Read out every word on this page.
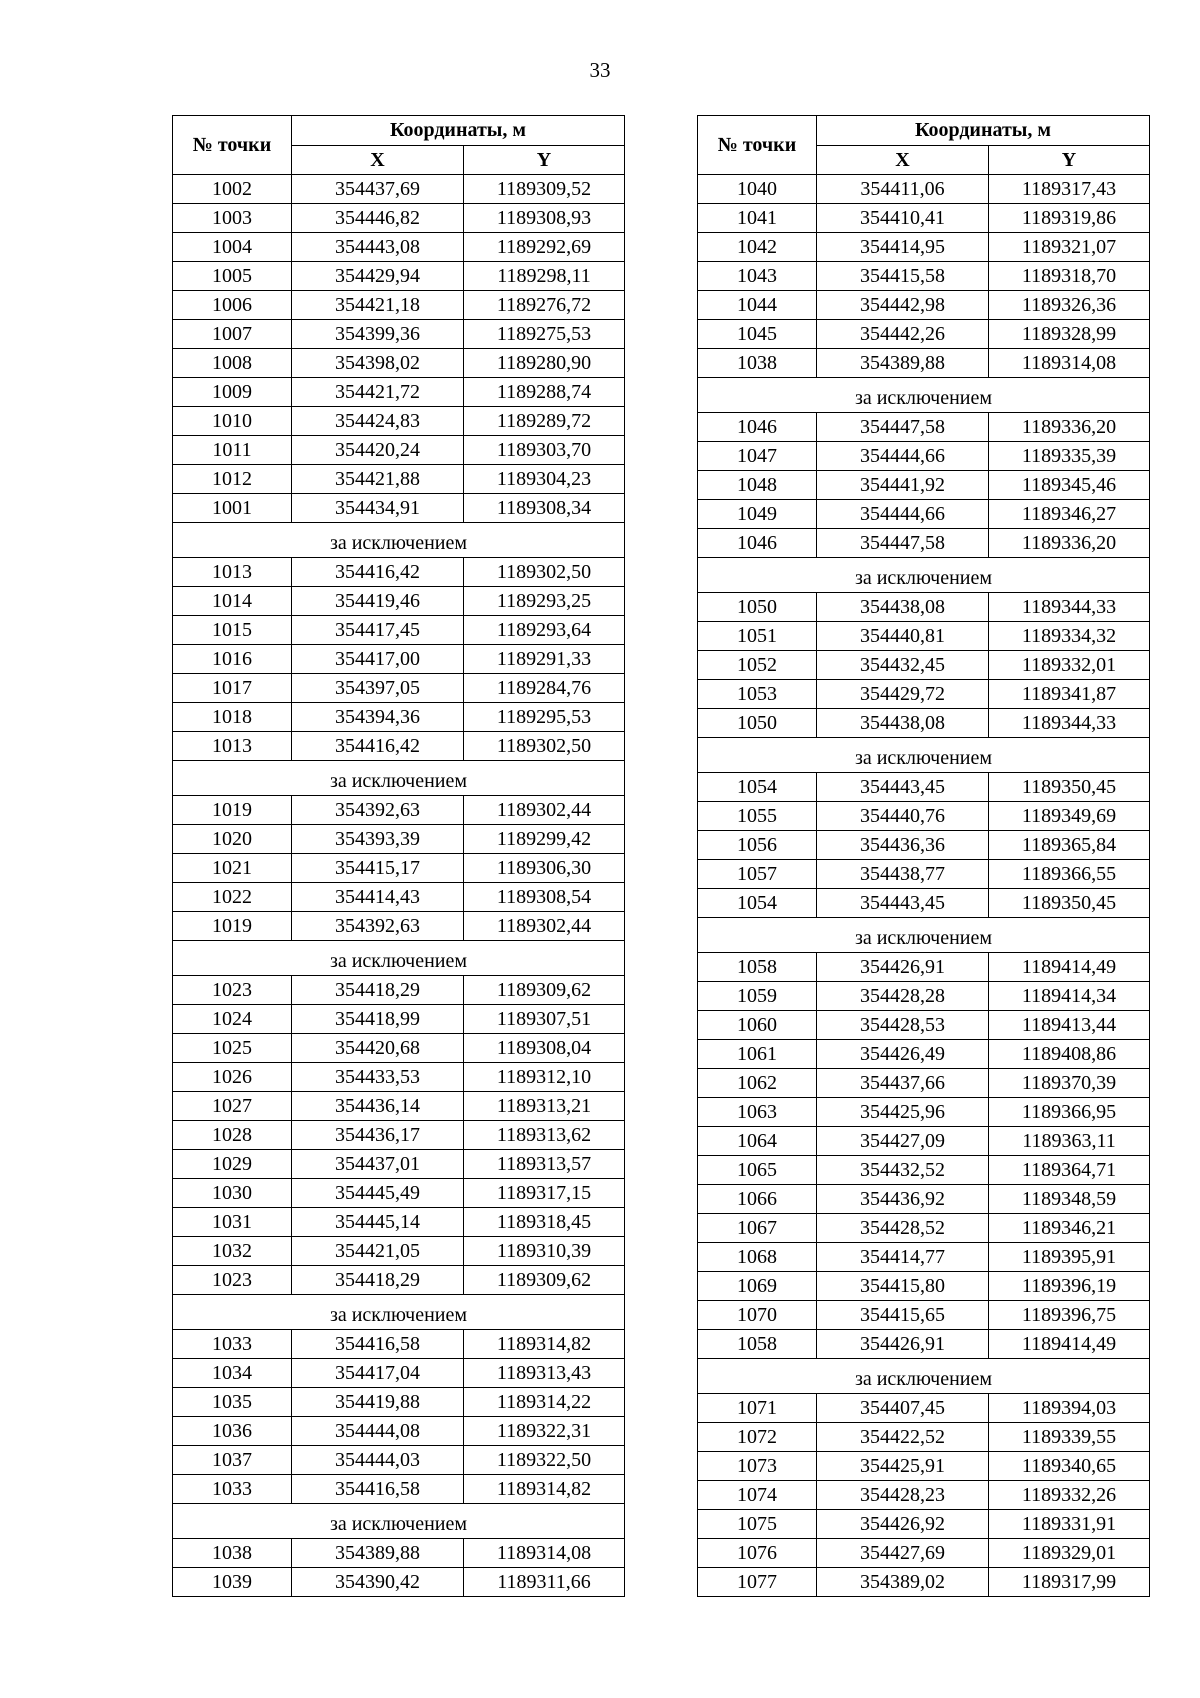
33
№ точки	Координаты, м	
	X	Y
1002	354437,69	1189309,52
1003	354446,82	1189308,93
1004	354443,08	1189292,69
1005	354429,94	1189298,11
1006	354421,18	1189276,72
1007	354399,36	1189275,53
1008	354398,02	1189280,90
1009	354421,72	1189288,74
1010	354424,83	1189289,72
1011	354420,24	1189303,70
1012	354421,88	1189304,23
1001	354434,91	1189308,34
за исключением		
1013	354416,42	1189302,50
1014	354419,46	1189293,25
1015	354417,45	1189293,64
1016	354417,00	1189291,33
1017	354397,05	1189284,76
1018	354394,36	1189295,53
1013	354416,42	1189302,50
за исключением		
1019	354392,63	1189302,44
1020	354393,39	1189299,42
1021	354415,17	1189306,30
1022	354414,43	1189308,54
1019	354392,63	1189302,44
за исключением		
1023	354418,29	1189309,62
1024	354418,99	1189307,51
1025	354420,68	1189308,04
1026	354433,53	1189312,10
1027	354436,14	1189313,21
1028	354436,17	1189313,62
1029	354437,01	1189313,57
1030	354445,49	1189317,15
1031	354445,14	1189318,45
1032	354421,05	1189310,39
1023	354418,29	1189309,62
за исключением		
1033	354416,58	1189314,82
1034	354417,04	1189313,43
1035	354419,88	1189314,22
1036	354444,08	1189322,31
1037	354444,03	1189322,50
1033	354416,58	1189314,82
за исключением		
1038	354389,88	1189314,08
1039	354390,42	1189311,66
№ точки	Координаты, м	
	X	Y
1040	354411,06	1189317,43
1041	354410,41	1189319,86
1042	354414,95	1189321,07
1043	354415,58	1189318,70
1044	354442,98	1189326,36
1045	354442,26	1189328,99
1038	354389,88	1189314,08
за исключением		
1046	354447,58	1189336,20
1047	354444,66	1189335,39
1048	354441,92	1189345,46
1049	354444,66	1189346,27
1046	354447,58	1189336,20
за исключением		
1050	354438,08	1189344,33
1051	354440,81	1189334,32
1052	354432,45	1189332,01
1053	354429,72	1189341,87
1050	354438,08	1189344,33
за исключением		
1054	354443,45	1189350,45
1055	354440,76	1189349,69
1056	354436,36	1189365,84
1057	354438,77	1189366,55
1054	354443,45	1189350,45
за исключением		
1058	354426,91	1189414,49
1059	354428,28	1189414,34
1060	354428,53	1189413,44
1061	354426,49	1189408,86
1062	354437,66	1189370,39
1063	354425,96	1189366,95
1064	354427,09	1189363,11
1065	354432,52	1189364,71
1066	354436,92	1189348,59
1067	354428,52	1189346,21
1068	354414,77	1189395,91
1069	354415,80	1189396,19
1070	354415,65	1189396,75
1058	354426,91	1189414,49
за исключением		
1071	354407,45	1189394,03
1072	354422,52	1189339,55
1073	354425,91	1189340,65
1074	354428,23	1189332,26
1075	354426,92	1189331,91
1076	354427,69	1189329,01
1077	354389,02	1189317,99
